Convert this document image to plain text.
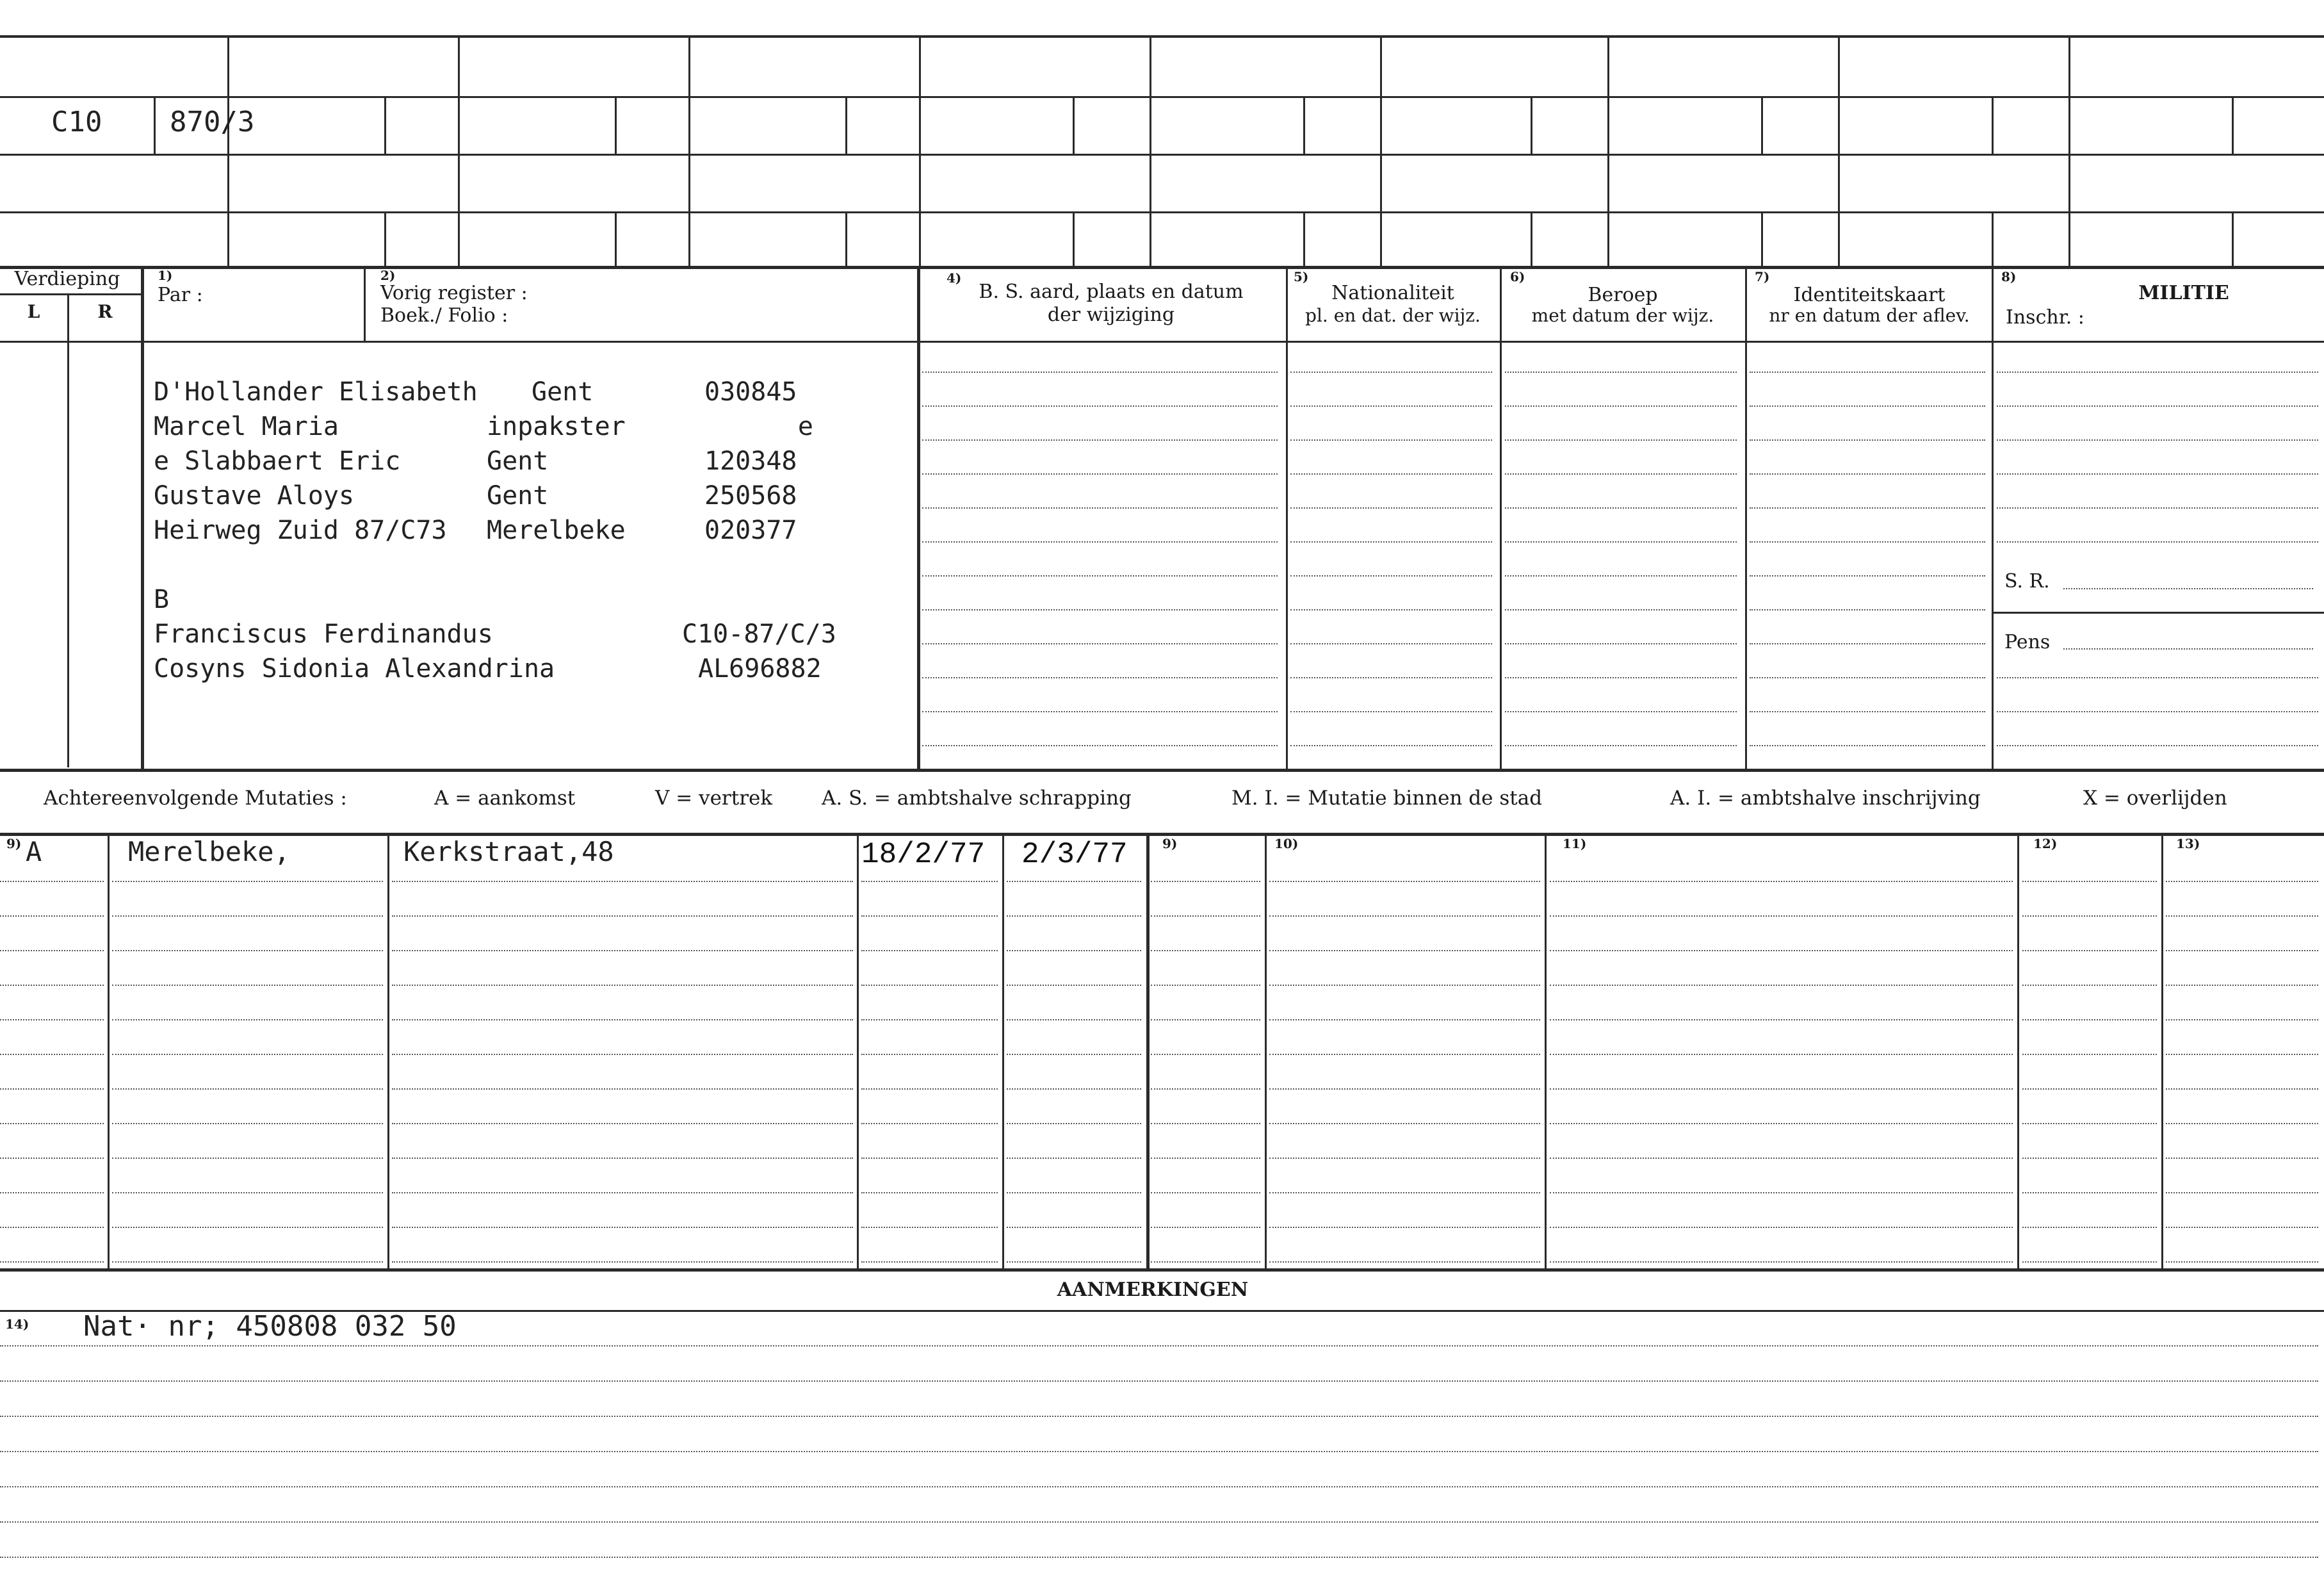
C10 870/3
Verdieping
L	R
1)
Par :
2)
Vorig register :
Boek./ Folio :
4)
B. S. aard, plaats en datum
der wijziging
5)
Nationaliteit
pl. en dat. der wijz.
6)
Beroep
met datum der wijz.
7)
Identiteitskaart
nr en datum der aflev.
8)
MILITIE
Inschr. :
S. R.
Pens
D'Hollander Elisabeth Gent	030845
Marcel Maria	inpakster	e
e Slabbaert Eric	Gent	120348
Gustave Aloys	Gent	250568
Heirweg Zuid 87/C73 Merelbeke	020377
B
Franciscus Ferdinandus	C10-87/C/3
Cosyns Sidonia Alexandrina	AL696882
Achtereenvolgende Mutaties :	A = aankomst	V = vertrek A. S. = ambtshalve schrapping	M. I. = Mutatie binnen de stad	A. I. = ambtshalve inschrijving	X = overlijden
9)	9)	10)	11)	12)	13)
A	Merelbeke,	Kerkstraat,48	18/2/77 2/3/77
AANMERKINGEN
14) Nat· nr; 450808 032 50
